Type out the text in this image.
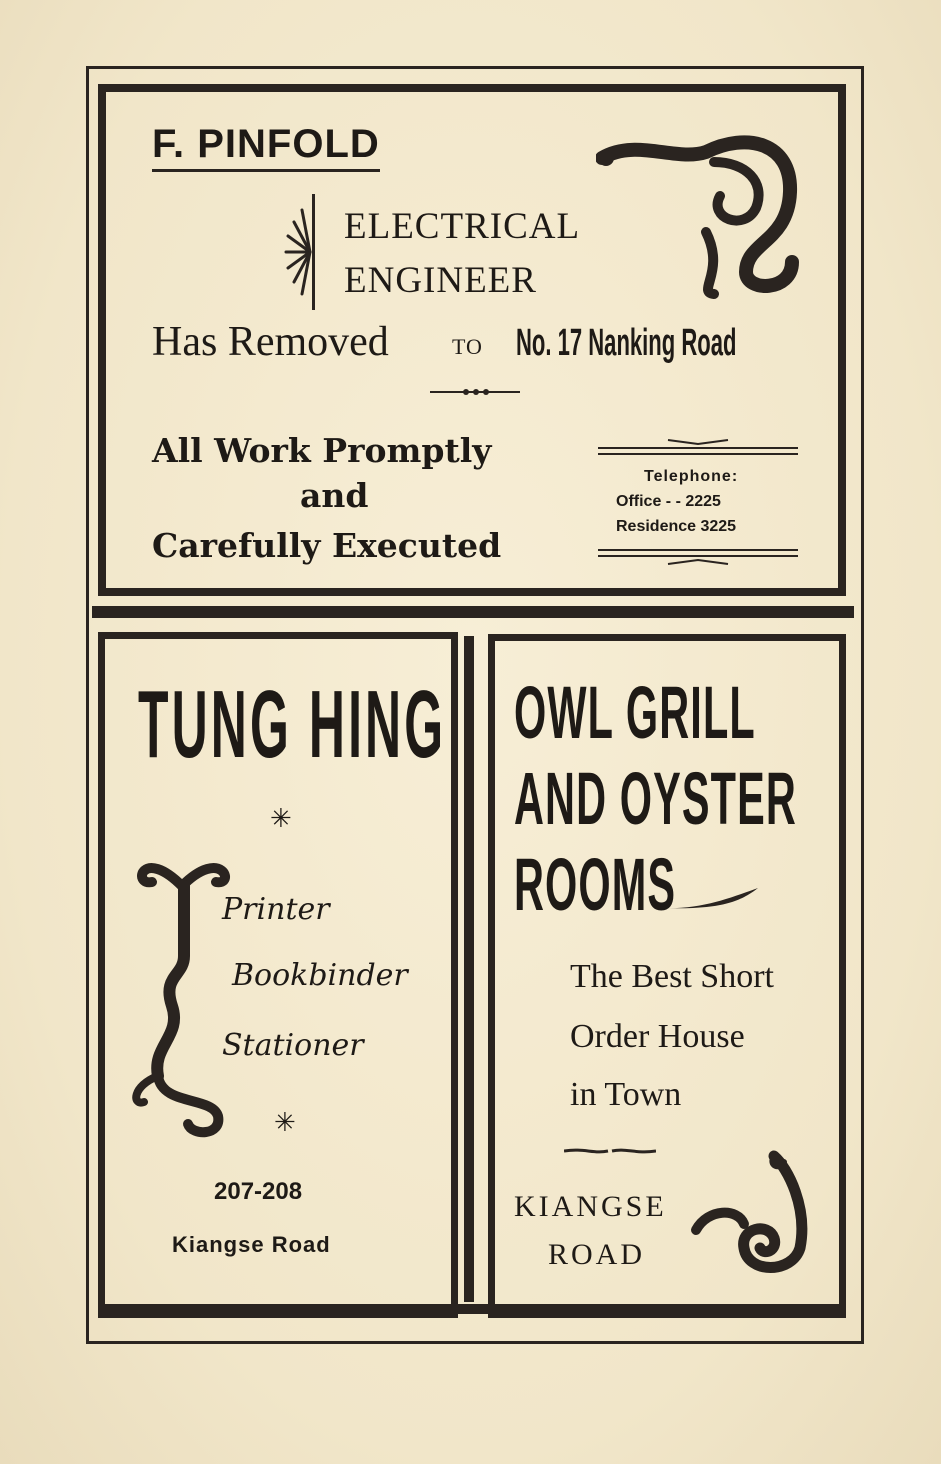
F. PINFOLD
ELECTRICAL
ENGINEER

Has Removed	TO No. 17 Nanking Road

All Work Promptly

and

Carefully Executed

Telephone:

Office - - 2225

Residence 3225

TUNG HING

✳

Printer

Bookbinder

Stationer

✳

207-208

Kiangse Road

OWL GRILL

AND OYSTER

ROOMS

The Best Short

Order House

in Town

KIANGSE

ROAD
